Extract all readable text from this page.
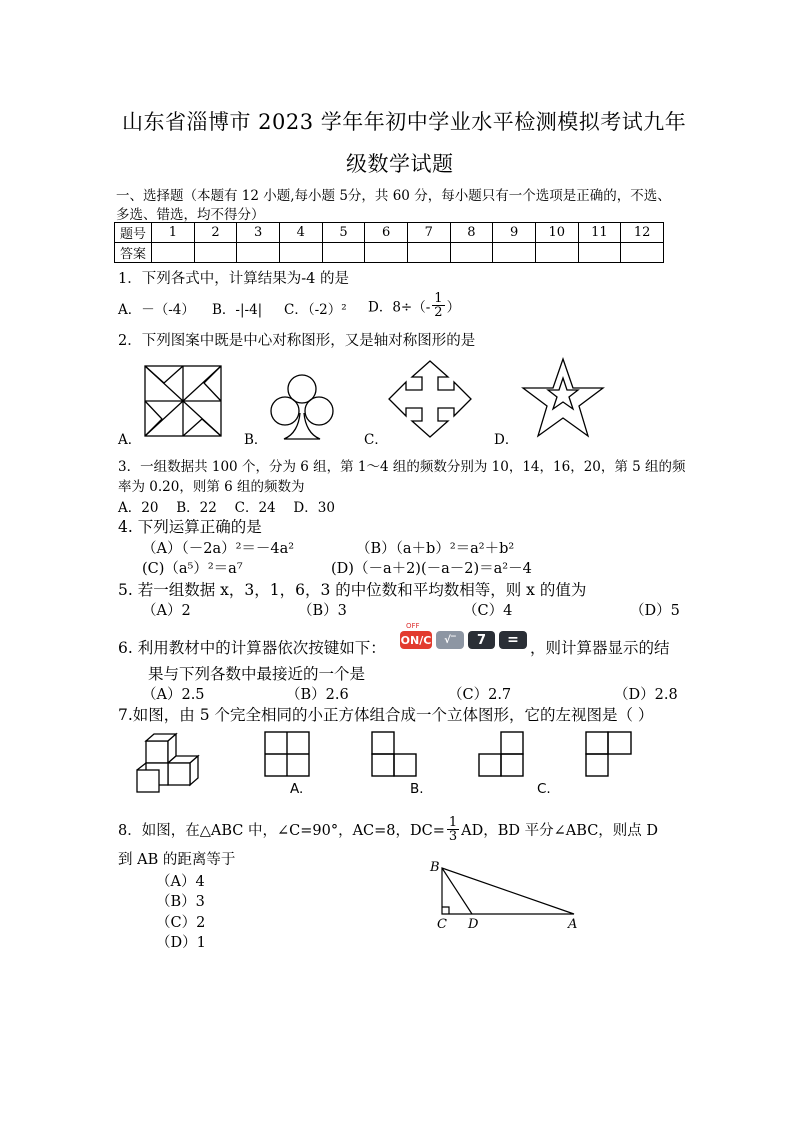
山东省淄博市 2023 学年年初中学业水平检测模拟考试九年
级数学试题
一、选择题（本题有 12 小题,每小题 5分，共 60 分，每小题只有一个选项是正确的，不选、
多选、错选，均不得分）
题号	1	2	3	4	5	6	7	8	9	10	11	12
答案												
1．下列各式中，计算结果为-4 的是
A．－（-4） B．-|-4| C．（-2）² D．$8\div(- \frac{1}{2}$ ）
2．下列图案中既是中心对称图形，又是轴对称图形的是
A．	B．	C．	D．
3．一组数据共 100 个，分为 6 组，第 1～4 组的频数分别为 10，14，16，20，第 5 组的频
率为 0.20，则第 6 组的频数为
A．20　 B．22　 C．24　 D．30
4. 下列运算正确的是
（A）（－2a）²＝－4a²	（B）（a＋b）²＝a²＋b²
(C)（a⁵）²＝a⁷	(D)（－a＋2)(－a－2)＝a²－4
5. 若一组数据 x，3，1，6，3 的中位数和平均数相等，则 x 的值为
（A）2	（B）3	（C）4	（D）5
6. 利用教材中的计算器依次按键如下：
OFF
ON/C	√‾	7	= ，则计算器显示的结
果与下列各数中最接近的一个是
（A）2.5	（B）2.6	（C）2.7	（D）2.8
7.如图，由 5 个完全相同的小正方体组合成一个立体图形，它的左视图是（ ）
A.	B.	C.
8．如图，在△ABC 中，∠C=90°，AC=8，$DC= \frac{1}{3}$ AD，BD 平分∠ABC，则点 D
到 AB 的距离等于
（A）4
（B）3
（C）2
（D）1
B
C D	A
